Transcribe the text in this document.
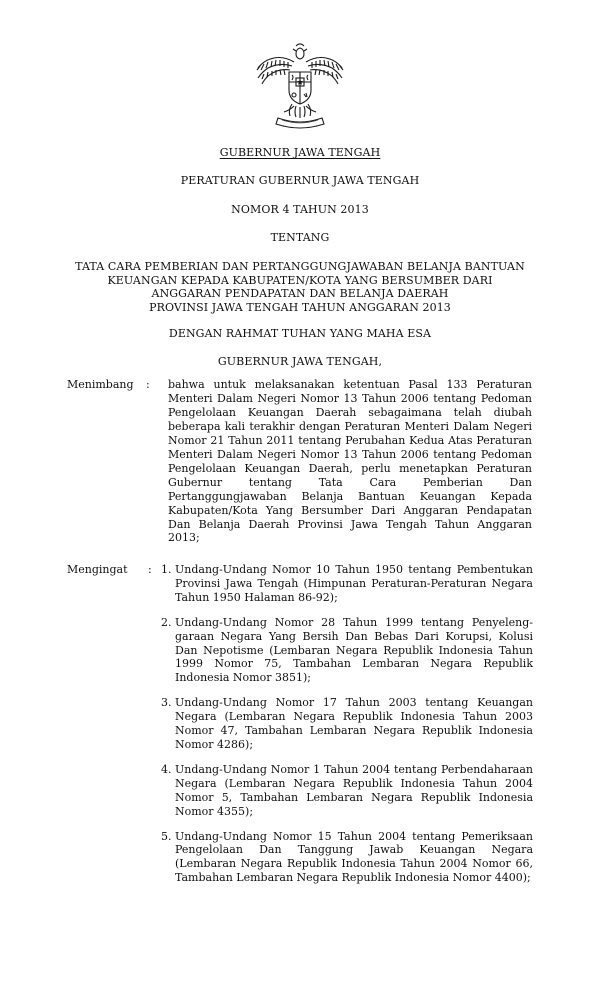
GUBERNUR JAWA TENGAH
PERATURAN GUBERNUR JAWA TENGAH
NOMOR 4 TAHUN 2013
TENTANG
TATA CARA PEMBERIAN DAN PERTANGGUNGJAWABAN BELANJA BANTUAN
KEUANGAN KEPADA KABUPATEN/KOTA YANG BERSUMBER DARI
ANGGARAN PENDAPATAN DAN BELANJA DAERAH
PROVINSI JAWA TENGAH TAHUN ANGGARAN 2013
DENGAN RAHMAT TUHAN YANG MAHA ESA
GUBERNUR JAWA TENGAH,
Menimbang : bahwa untuk melaksanakan ketentuan Pasal 133 Peraturan Menteri Dalam Negeri Nomor 13 Tahun 2006 tentang Pedoman Pengelolaan Keuangan Daerah sebagaimana telah diubah beberapa kali terakhir dengan Peraturan Menteri Dalam Negeri Nomor 21 Tahun 2011 tentang Perubahan Kedua Atas Peraturan Menteri Dalam Negeri Nomor 13 Tahun 2006 tentang Pedoman Pengelolaan Keuangan Daerah, perlu menetapkan Peraturan Gubernur tentang Tata Cara Pemberian Dan Pertanggungjawaban Belanja Bantuan Keuangan Kepada Kabupaten/Kota Yang Bersumber Dari Anggaran Pendapatan Dan Belanja Daerah Provinsi Jawa Tengah Tahun Anggaran 2013;
Mengingat : 1. Undang-Undang Nomor 10 Tahun 1950 tentang Pembentukan Provinsi Jawa Tengah (Himpunan Peraturan-Peraturan Negara Tahun 1950 Halaman 86-92);
2. Undang-Undang Nomor 28 Tahun 1999 tentang Penyeleng-garaan Negara Yang Bersih Dan Bebas Dari Korupsi, Kolusi Dan Nepotisme (Lembaran Negara Republik Indonesia Tahun 1999 Nomor 75, Tambahan Lembaran Negara Republik Indonesia Nomor 3851);
3. Undang-Undang Nomor 17 Tahun 2003 tentang Keuangan Negara (Lembaran Negara Republik Indonesia Tahun 2003 Nomor 47, Tambahan Lembaran Negara Republik Indonesia Nomor 4286);
4. Undang-Undang Nomor 1 Tahun 2004 tentang Perbendaharaan Negara (Lembaran Negara Republik Indonesia Tahun 2004 Nomor 5, Tambahan Lembaran Negara Republik Indonesia Nomor 4355);
5. Undang-Undang Nomor 15 Tahun 2004 tentang Pemeriksaan Pengelolaan Dan Tanggung Jawab Keuangan Negara (Lembaran Negara Republik Indonesia Tahun 2004 Nomor 66, Tambahan Lembaran Negara Republik Indonesia Nomor 4400);
